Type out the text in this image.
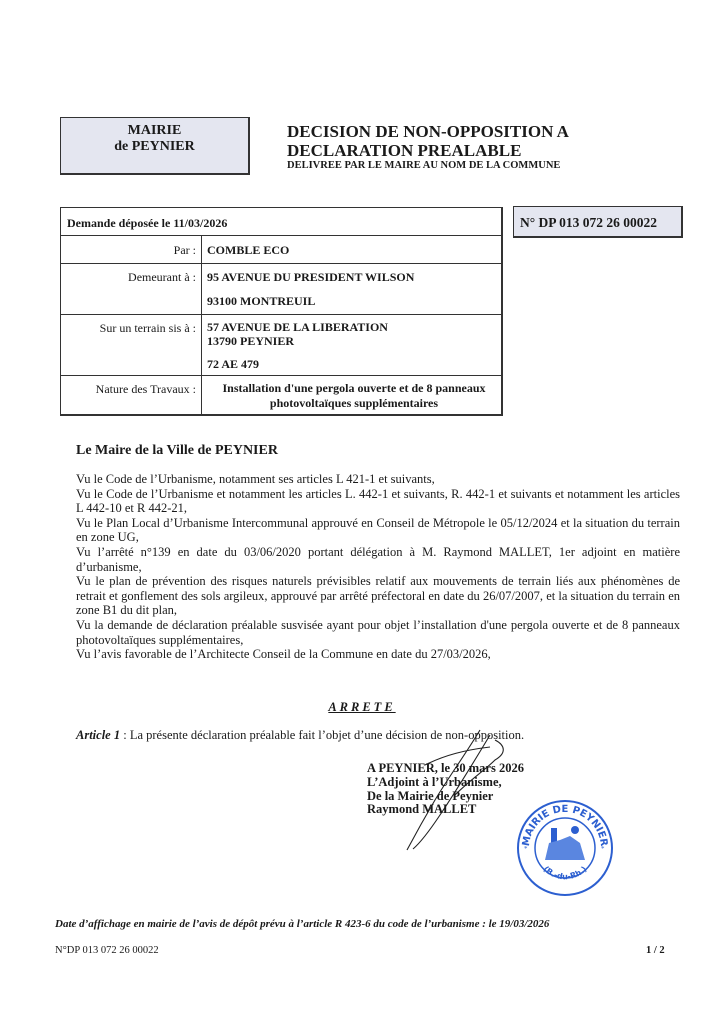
MAIRIE
de PEYNIER
DECISION DE NON-OPPOSITION A
DECLARATION PREALABLE
DELIVREE PAR LE MAIRE AU NOM DE LA COMMUNE
Demande déposée le 11/03/2026
Par : COMBLE ECO
Demeurant à : 95 AVENUE DU PRESIDENT WILSON
93100 MONTREUIL
Sur un terrain sis à : 57 AVENUE DE LA LIBERATION
13790 PEYNIER
72 AE 479
Nature des Travaux :	Installation d'une pergola ouverte et de 8 panneaux
photovoltaïques supplémentaires
N° DP 013 072 26 00022
Le Maire de la Ville de PEYNIER

Vu le Code de l’Urbanisme, notamment ses articles L 421-1 et suivants,

Vu le Code de l’Urbanisme et notamment les articles L. 442-1 et suivants, R. 442-1 et suivants et notamment les articles L 442-10 et R 442-21,

Vu le Plan Local d’Urbanisme Intercommunal approuvé en Conseil de Métropole le 05/12/2024 et la situation du terrain en zone UG,

Vu l’arrêté n°139 en date du 03/06/2020 portant délégation à M. Raymond MALLET, 1er adjoint en matière d’urbanisme,

Vu le plan de prévention des risques naturels prévisibles relatif aux mouvements de terrain liés aux phénomènes de retrait et gonflement des sols argileux, approuvé par arrêté préfectoral en date du 26/07/2007, et la situation du terrain en zone B1 du dit plan,

Vu la demande de déclaration préalable susvisée ayant pour objet l’installation d'une pergola ouverte et de 8 panneaux photovoltaïques supplémentaires,

Vu l’avis favorable de l’Architecte Conseil de la Commune en date du 27/03/2026,

ARRETE
Article 1 : La présente déclaration préalable fait l’objet d’une décision de non-opposition.
A PEYNIER, le 30 mars 2026
L’Adjoint à l’Urbanisme,
De la Mairie de Peynier
Raymond MALLET
MAIRIE DE PEYNIER
(B.-du-Rh.)
*	*
Date d’affichage en mairie de l’avis de dépôt prévu à l’article R 423-6 du code de l’urbanisme : le 19/03/2026
N°DP 013 072 26 00022	1 / 2
